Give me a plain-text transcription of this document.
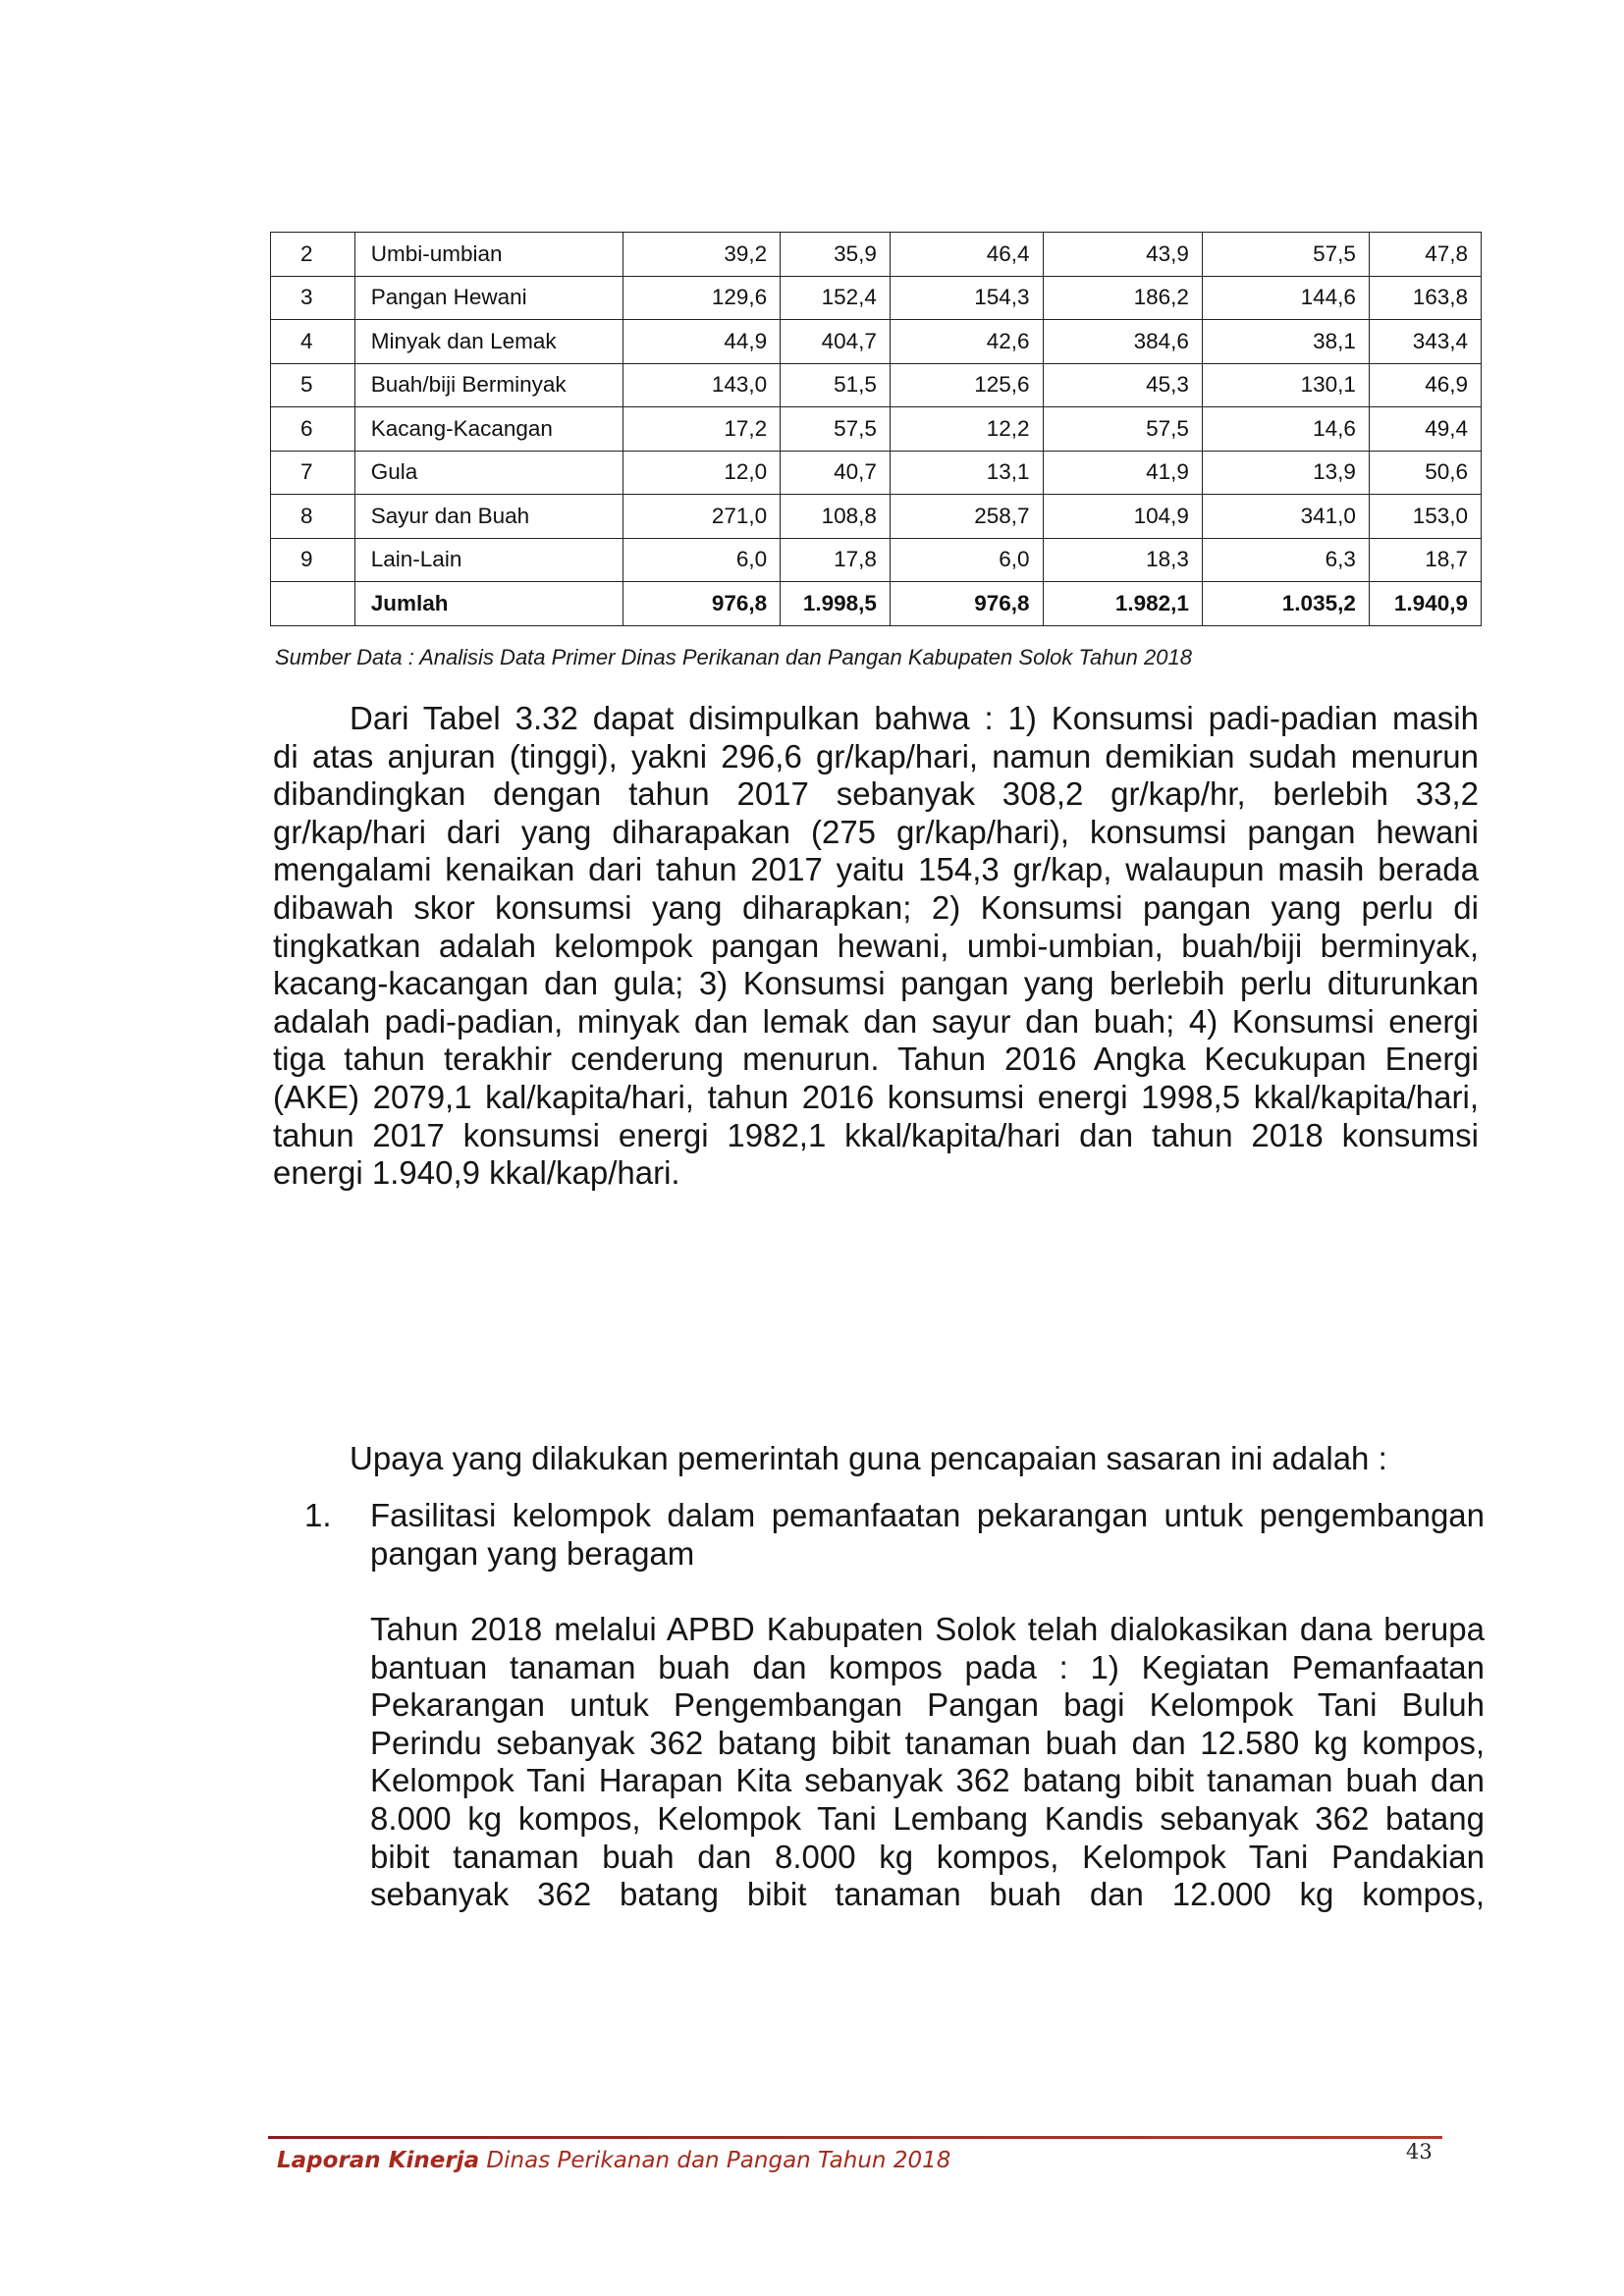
2	Umbi-umbian	39,2	35,9	46,4	43,9	57,5	47,8
3	Pangan Hewani	129,6	152,4	154,3	186,2	144,6	163,8
4	Minyak dan Lemak	44,9	404,7	42,6	384,6	38,1	343,4
5	Buah/biji Berminyak	143,0	51,5	125,6	45,3	130,1	46,9
6	Kacang-Kacangan	17,2	57,5	12,2	57,5	14,6	49,4
7	Gula	12,0	40,7	13,1	41,9	13,9	50,6
8	Sayur dan Buah	271,0	108,8	258,7	104,9	341,0	153,0
9	Lain-Lain	6,0	17,8	6,0	18,3	6,3	18,7
	Jumlah	976,8	1.998,5	976,8	1.982,1	1.035,2	1.940,9
Sumber Data : Analisis Data Primer Dinas Perikanan dan Pangan Kabupaten Solok Tahun 2018
Dari Tabel 3.32 dapat disimpulkan bahwa : 1) Konsumsi padi-padian masih
di atas anjuran (tinggi), yakni 296,6 gr/kap/hari, namun demikian sudah menurun
dibandingkan dengan tahun 2017 sebanyak 308,2 gr/kap/hr, berlebih 33,2
gr/kap/hari dari yang diharapakan (275 gr/kap/hari), konsumsi pangan hewani
mengalami kenaikan dari tahun 2017 yaitu 154,3 gr/kap, walaupun masih berada
dibawah skor konsumsi yang diharapkan; 2) Konsumsi pangan yang perlu di
tingkatkan adalah kelompok pangan hewani, umbi-umbian, buah/biji berminyak,
kacang-kacangan dan gula; 3) Konsumsi pangan yang berlebih perlu diturunkan
adalah padi-padian, minyak dan lemak dan sayur dan buah; 4) Konsumsi energi
tiga tahun terakhir cenderung menurun. Tahun 2016 Angka Kecukupan Energi
(AKE) 2079,1 kal/kapita/hari, tahun 2016 konsumsi energi 1998,5 kkal/kapita/hari,
tahun 2017 konsumsi energi 1982,1 kkal/kapita/hari dan tahun 2018 konsumsi
energi 1.940,9 kkal/kap/hari.
Upaya yang dilakukan pemerintah guna pencapaian sasaran ini adalah :
1. Fasilitasi kelompok dalam pemanfaatan pekarangan untuk pengembangan
pangan yang beragam
Tahun 2018 melalui APBD Kabupaten Solok telah dialokasikan dana berupa
bantuan tanaman buah dan kompos pada : 1) Kegiatan Pemanfaatan
Pekarangan untuk Pengembangan Pangan bagi Kelompok Tani Buluh
Perindu sebanyak 362 batang bibit tanaman buah dan 12.580 kg kompos,
Kelompok Tani Harapan Kita sebanyak 362 batang bibit tanaman buah dan
8.000 kg kompos, Kelompok Tani Lembang Kandis sebanyak 362 batang
bibit tanaman buah dan 8.000 kg kompos, Kelompok Tani Pandakian
sebanyak 362 batang bibit tanaman buah dan 12.000 kg kompos,
Laporan Kinerja Dinas Perikanan dan Pangan Tahun 2018	43
